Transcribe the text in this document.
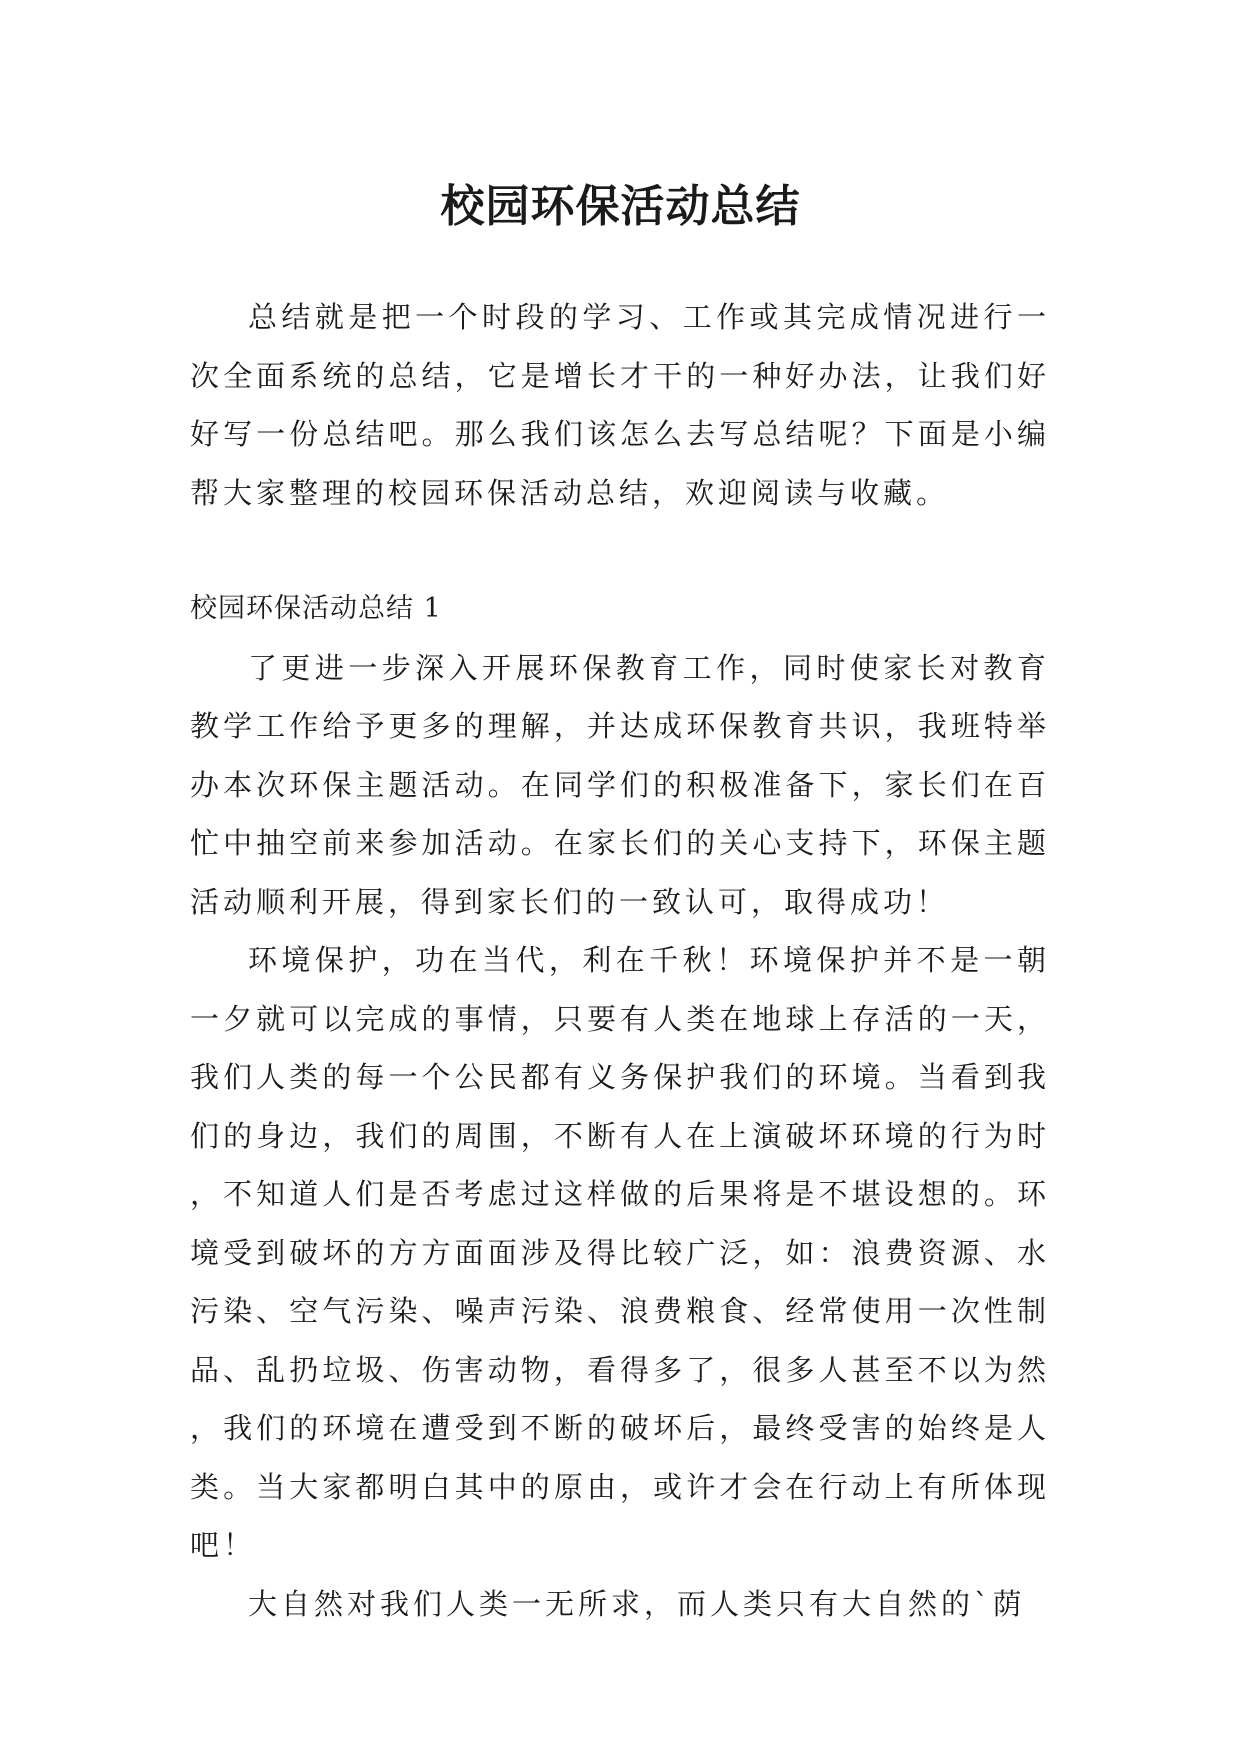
校园环保活动总结

总结就是把一个时段的学习、工作或其完成情况进行一次全面系统的总结，它是增长才干的一种好办法，让我们好好写一份总结吧。那么我们该怎么去写总结呢？下面是小编帮大家整理的校园环保活动总结，欢迎阅读与收藏。

校园环保活动总结 1

了更进一步深入开展环保教育工作，同时使家长对教育教学工作给予更多的理解，并达成环保教育共识，我班特举办本次环保主题活动。在同学们的积极准备下，家长们在百忙中抽空前来参加活动。在家长们的关心支持下，环保主题活动顺利开展，得到家长们的一致认可，取得成功！

环境保护，功在当代，利在千秋！环境保护并不是一朝一夕就可以完成的事情，只要有人类在地球上存活的一天，我们人类的每一个公民都有义务保护我们的环境。当看到我们的身边，我们的周围，不断有人在上演破坏环境的行为时，不知道人们是否考虑过这样做的后果将是不堪设想的。环境受到破坏的方方面面涉及得比较广泛，如：浪费资源、水污染、空气污染、噪声污染、浪费粮食、经常使用一次性制品、乱扔垃圾、伤害动物，看得多了，很多人甚至不以为然，我们的环境在遭受到不断的破坏后，最终受害的始终是人类。当大家都明白其中的原由，或许才会在行动上有所体现吧！

大自然对我们人类一无所求，而人类只有大自然的`荫
